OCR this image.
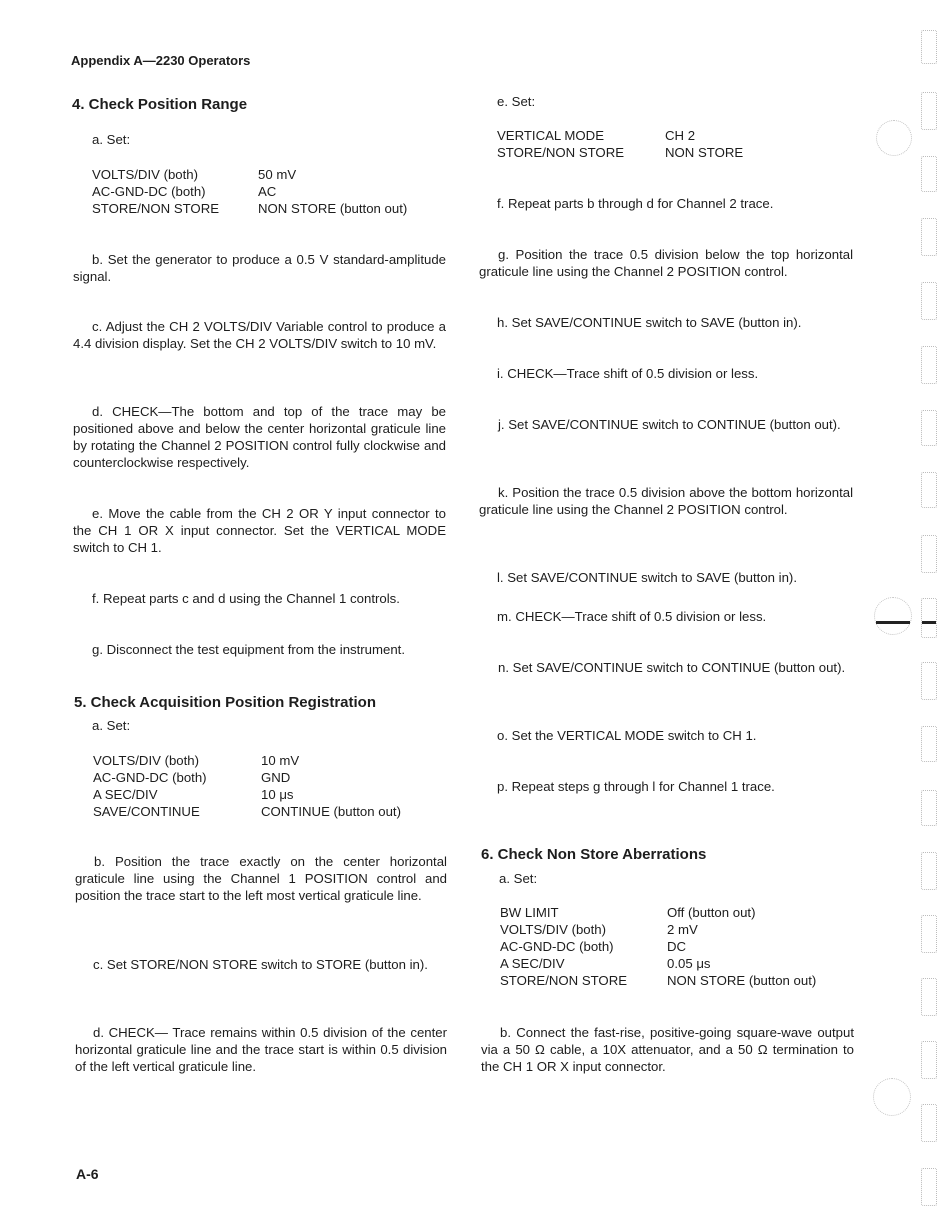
Appendix A—2230 Operators
4. Check Position Range
a. Set:
VOLTS/DIV (both)	50 mV
AC-GND-DC (both)	AC
STORE/NON STORE	NON STORE (button out)
b. Set the generator to produce a 0.5 V standard-amplitude signal.
c. Adjust the CH 2 VOLTS/DIV Variable control to produce a 4.4 division display. Set the CH 2 VOLTS/DIV switch to 10 mV.
d. CHECK—The bottom and top of the trace may be positioned above and below the center horizontal graticule line by rotating the Channel 2 POSITION control fully clockwise and counterclockwise respectively.
e. Move the cable from the CH 2 OR Y input connector to the CH 1 OR X input connector. Set the VERTICAL MODE switch to CH 1.
f. Repeat parts c and d using the Channel 1 controls.
g. Disconnect the test equipment from the instrument.
5. Check Acquisition Position Registration
a. Set:
VOLTS/DIV (both)	10 mV
AC-GND-DC (both)	GND
A SEC/DIV	10 μs
SAVE/CONTINUE	CONTINUE (button out)
b. Position the trace exactly on the center horizontal graticule line using the Channel 1 POSITION control and position the trace start to the left most vertical graticule line.
c. Set STORE/NON STORE switch to STORE (button in).
d. CHECK— Trace remains within 0.5 division of the center horizontal graticule line and the trace start is within 0.5 division of the left vertical graticule line.
e. Set:
VERTICAL MODE	CH 2
STORE/NON STORE	NON STORE
f. Repeat parts b through d for Channel 2 trace.
g. Position the trace 0.5 division below the top horizontal graticule line using the Channel 2 POSITION control.
h. Set SAVE/CONTINUE switch to SAVE (button in).
i. CHECK—Trace shift of 0.5 division or less.
j. Set SAVE/CONTINUE switch to CONTINUE (button out).
k. Position the trace 0.5 division above the bottom horizontal graticule line using the Channel 2 POSITION control.
l. Set SAVE/CONTINUE switch to SAVE (button in).
m. CHECK—Trace shift of 0.5 division or less.
n. Set SAVE/CONTINUE switch to CONTINUE (button out).
o. Set the VERTICAL MODE switch to CH 1.
p. Repeat steps g through l for Channel 1 trace.
6. Check Non Store Aberrations
a. Set:
BW LIMIT	Off (button out)
VOLTS/DIV (both)	2 mV
AC-GND-DC (both)	DC
A SEC/DIV	0.05 μs
STORE/NON STORE	NON STORE (button out)
b. Connect the fast-rise, positive-going square-wave output via a 50 Ω cable, a 10X attenuator, and a 50 Ω termination to the CH 1 OR X input connector.
A-6
